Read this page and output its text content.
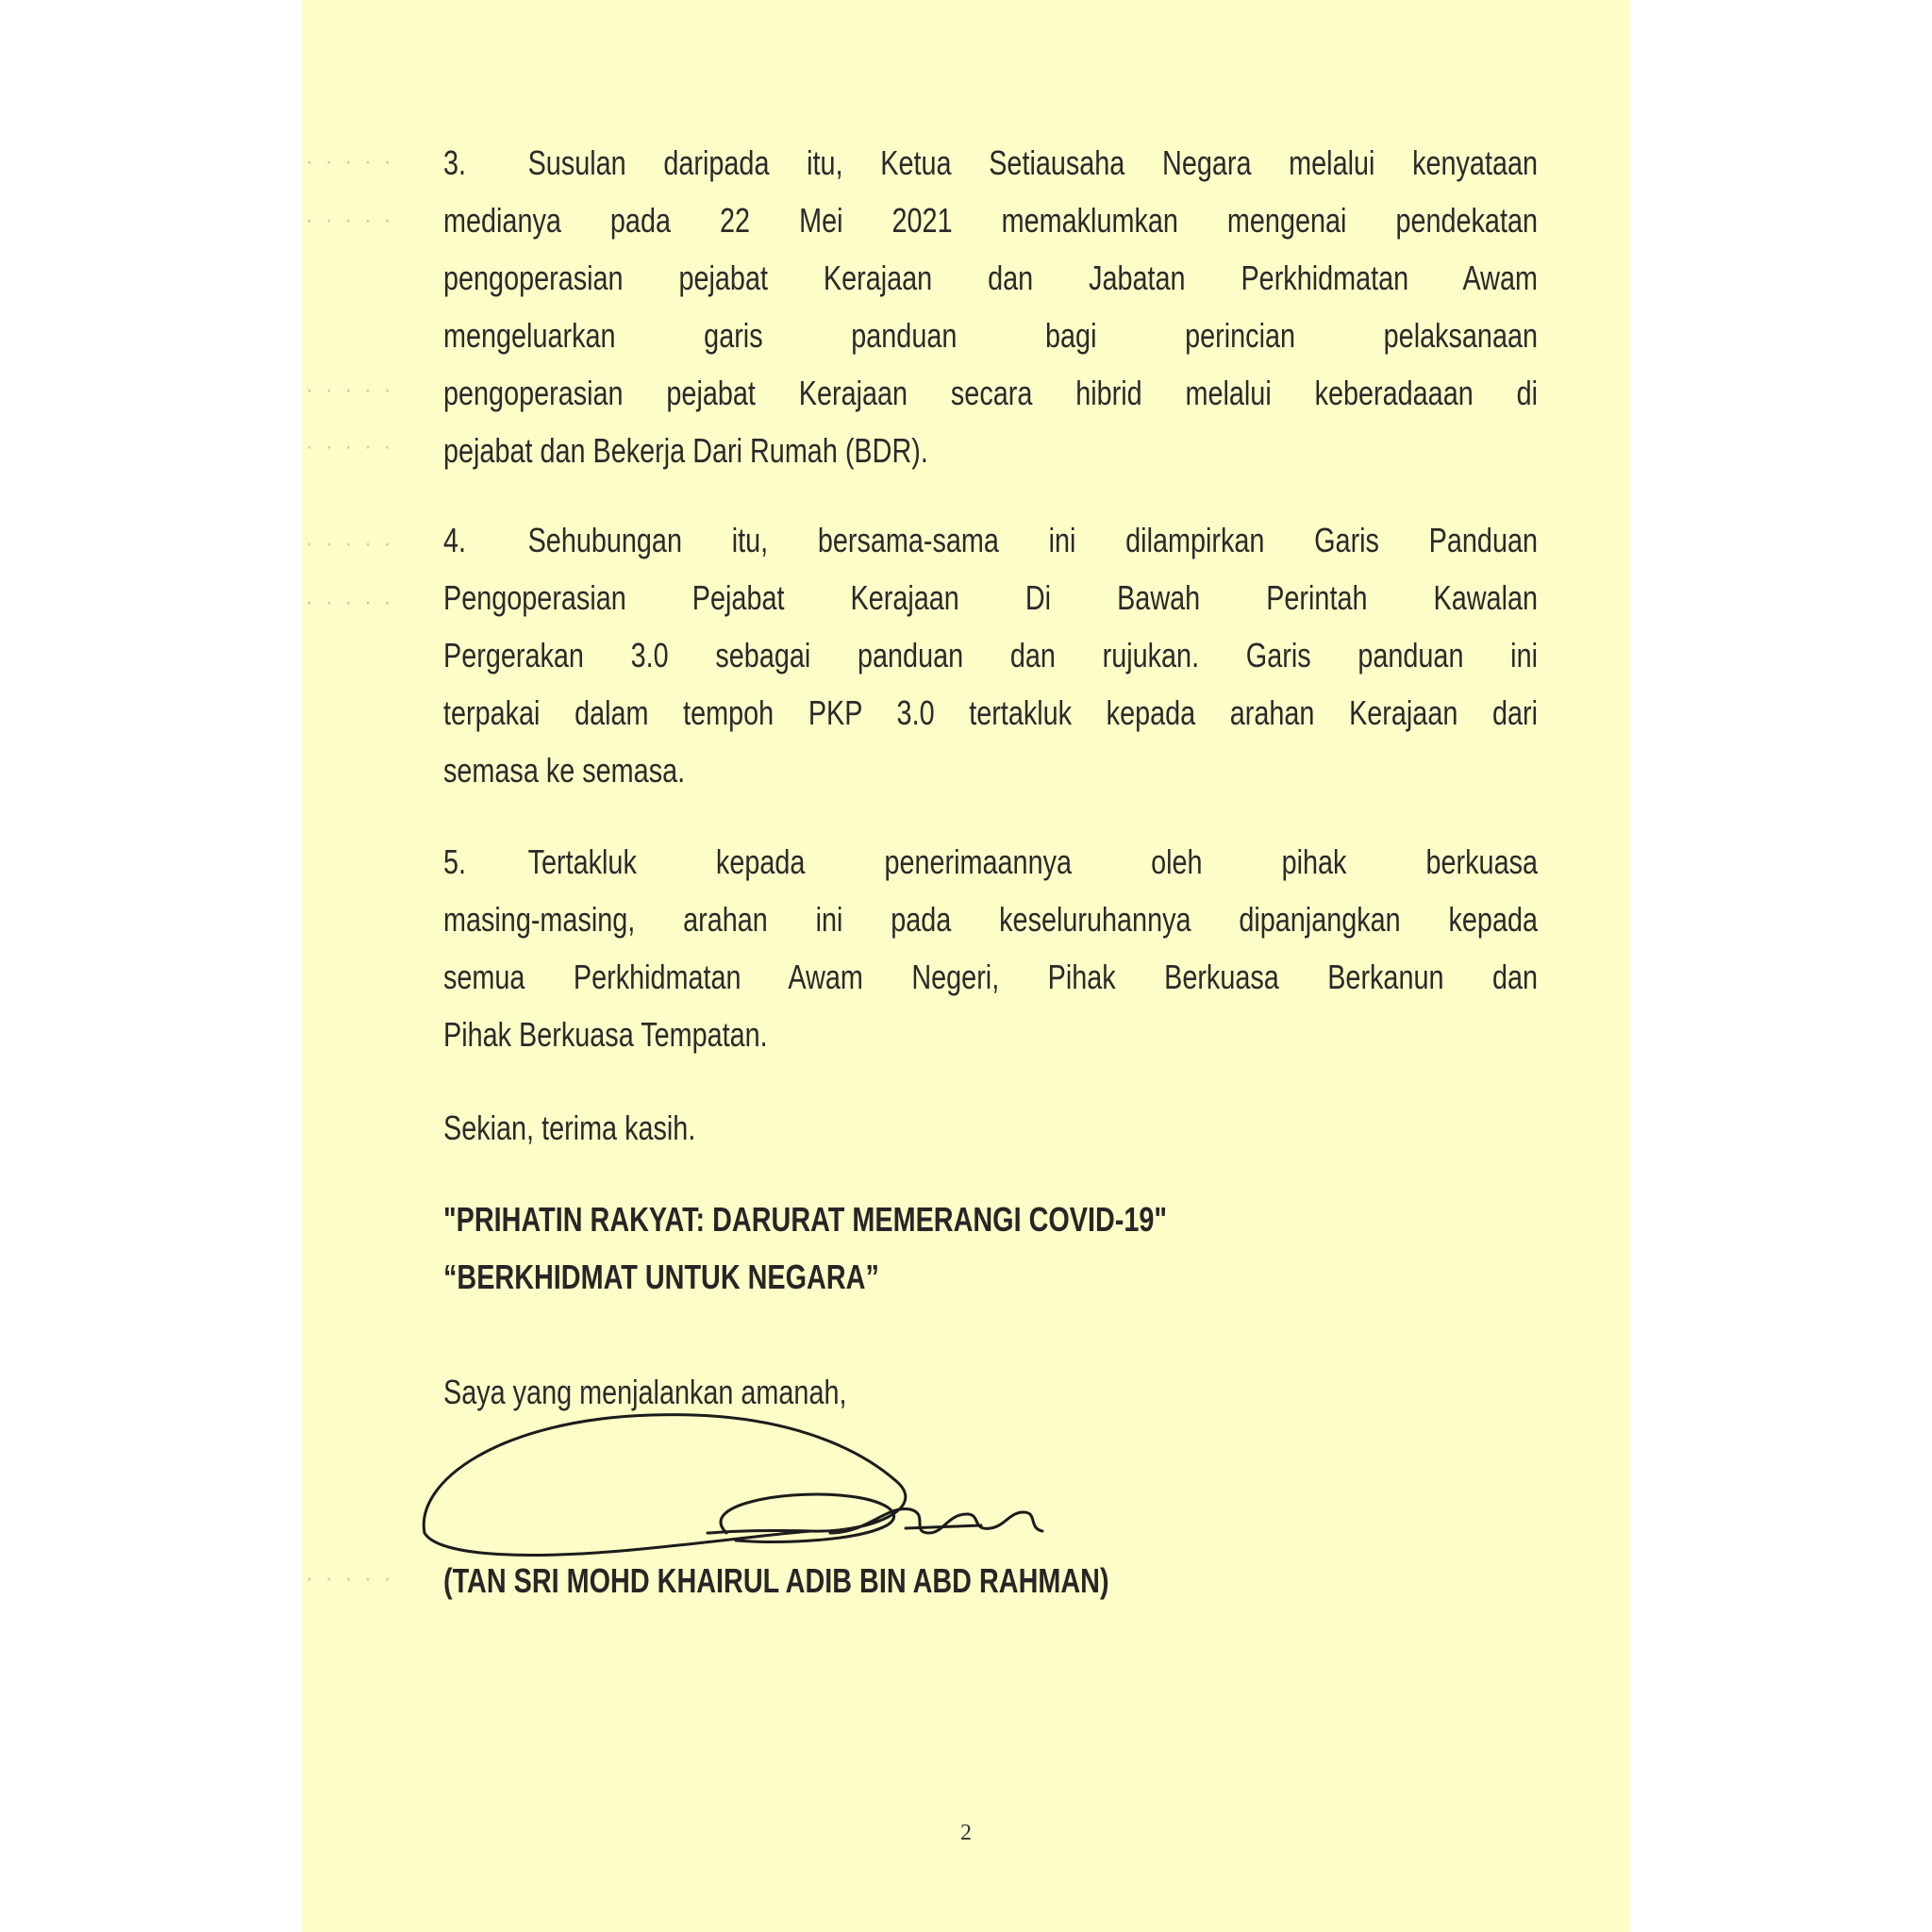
· · · · ·
· · · · ·
· · · · ·
· · · · ·
· · · · ·
· · · · ·
· · · · ·
3. Susulan daripada itu, Ketua Setiausaha Negara melalui kenyataan
medianya pada 22 Mei 2021 memaklumkan mengenai pendekatan
pengoperasian pejabat Kerajaan dan Jabatan Perkhidmatan Awam
mengeluarkan garis panduan bagi perincian pelaksanaan
pengoperasian pejabat Kerajaan secara hibrid melalui keberadaaan di
pejabat dan Bekerja Dari Rumah (BDR).
4. Sehubungan itu, bersama-sama ini dilampirkan Garis Panduan
Pengoperasian Pejabat Kerajaan Di Bawah Perintah Kawalan
Pergerakan 3.0 sebagai panduan dan rujukan. Garis panduan ini
terpakai dalam tempoh PKP 3.0 tertakluk kepada arahan Kerajaan dari
semasa ke semasa.
5. Tertakluk kepada penerimaannya oleh pihak berkuasa
masing-masing, arahan ini pada keseluruhannya dipanjangkan kepada
semua Perkhidmatan Awam Negeri, Pihak Berkuasa Berkanun dan
Pihak Berkuasa Tempatan.
Sekian, terima kasih.
"PRIHATIN RAKYAT: DARURAT MEMERANGI COVID-19"
“BERKHIDMAT UNTUK NEGARA”
Saya yang menjalankan amanah,
(TAN SRI MOHD KHAIRUL ADIB BIN ABD RAHMAN)
2
